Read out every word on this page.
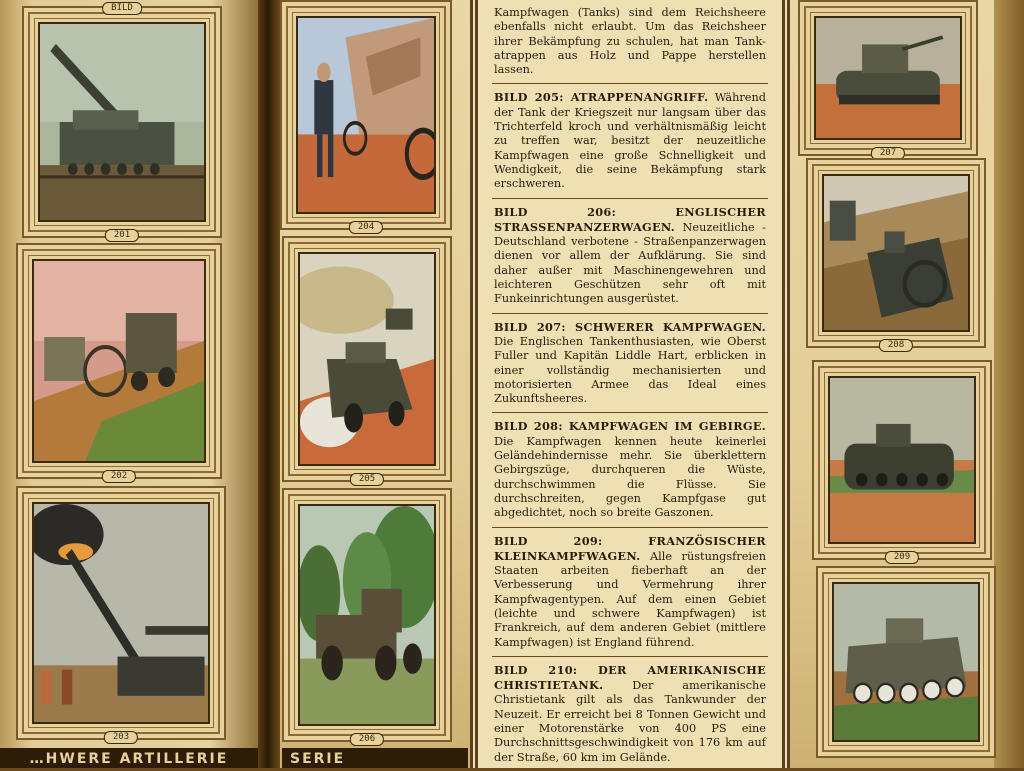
BILD
201
202
203
204
205
206
Kampfwagen (Tanks) sind dem Reichsheere ebenfalls nicht erlaubt. Um das Reichsheer ihrer Bekämpfung zu schulen, hat man Tank-atrappen aus Holz und Pappe herstellen lassen.
BILD 205: ATRAPPENANGRIFF. Während der Tank der Kriegszeit nur langsam über das Trichterfeld kroch und verhältnismäßig leicht zu treffen war, besitzt der neuzeitliche Kampfwagen eine große Schnelligkeit und Wendigkeit, die seine Bekämpfung stark erschweren.
BILD 206: ENGLISCHER STRASSENPANZERWAGEN. Neuzeitliche - Deutschland verbotene - Straßenpanzerwagen dienen vor allem der Aufklärung. Sie sind daher außer mit Maschinengewehren und leichteren Geschützen sehr oft mit Funkeinrichtungen ausgerüstet.
BILD 207: SCHWERER KAMPFWAGEN. Die Englischen Tankenthusiasten, wie Oberst Fuller und Kapitän Liddle Hart, erblicken in einer vollständig mechanisierten und motorisierten Armee das Ideal eines Zukunftsheeres.
BILD 208: KAMPFWAGEN IM GEBIRGE. Die Kampfwagen kennen heute keinerlei Geländehindernisse mehr. Sie überklettern Gebirgszüge, durchqueren die Wüste, durchschwimmen die Flüsse. Sie durchschreiten, gegen Kampfgase gut abgedichtet, noch so breite Gaszonen.
BILD 209: FRANZÖSISCHER KLEINKAMPFWAGEN. Alle rüstungsfreien Staaten arbeiten fieberhaft an der Verbesserung und Vermehrung ihrer Kampfwagentypen. Auf dem einen Gebiet (leichte und schwere Kampfwagen) ist Frankreich, auf dem anderen Gebiet (mittlere Kampfwagen) ist England führend.
BILD 210: DER AMERIKANISCHE CHRISTIETANK.	Der amerikanische Christietank gilt als das Tankwunder der Neuzeit. Er erreicht bei 8 Tonnen Gewicht und einer Motorenstärke von 400 PS eine Durchschnittsgeschwindigkeit von 176 km auf der Straße, 60 km im Gelände.
207
208
209
…HWERE ARTILLERIE	SERIE
